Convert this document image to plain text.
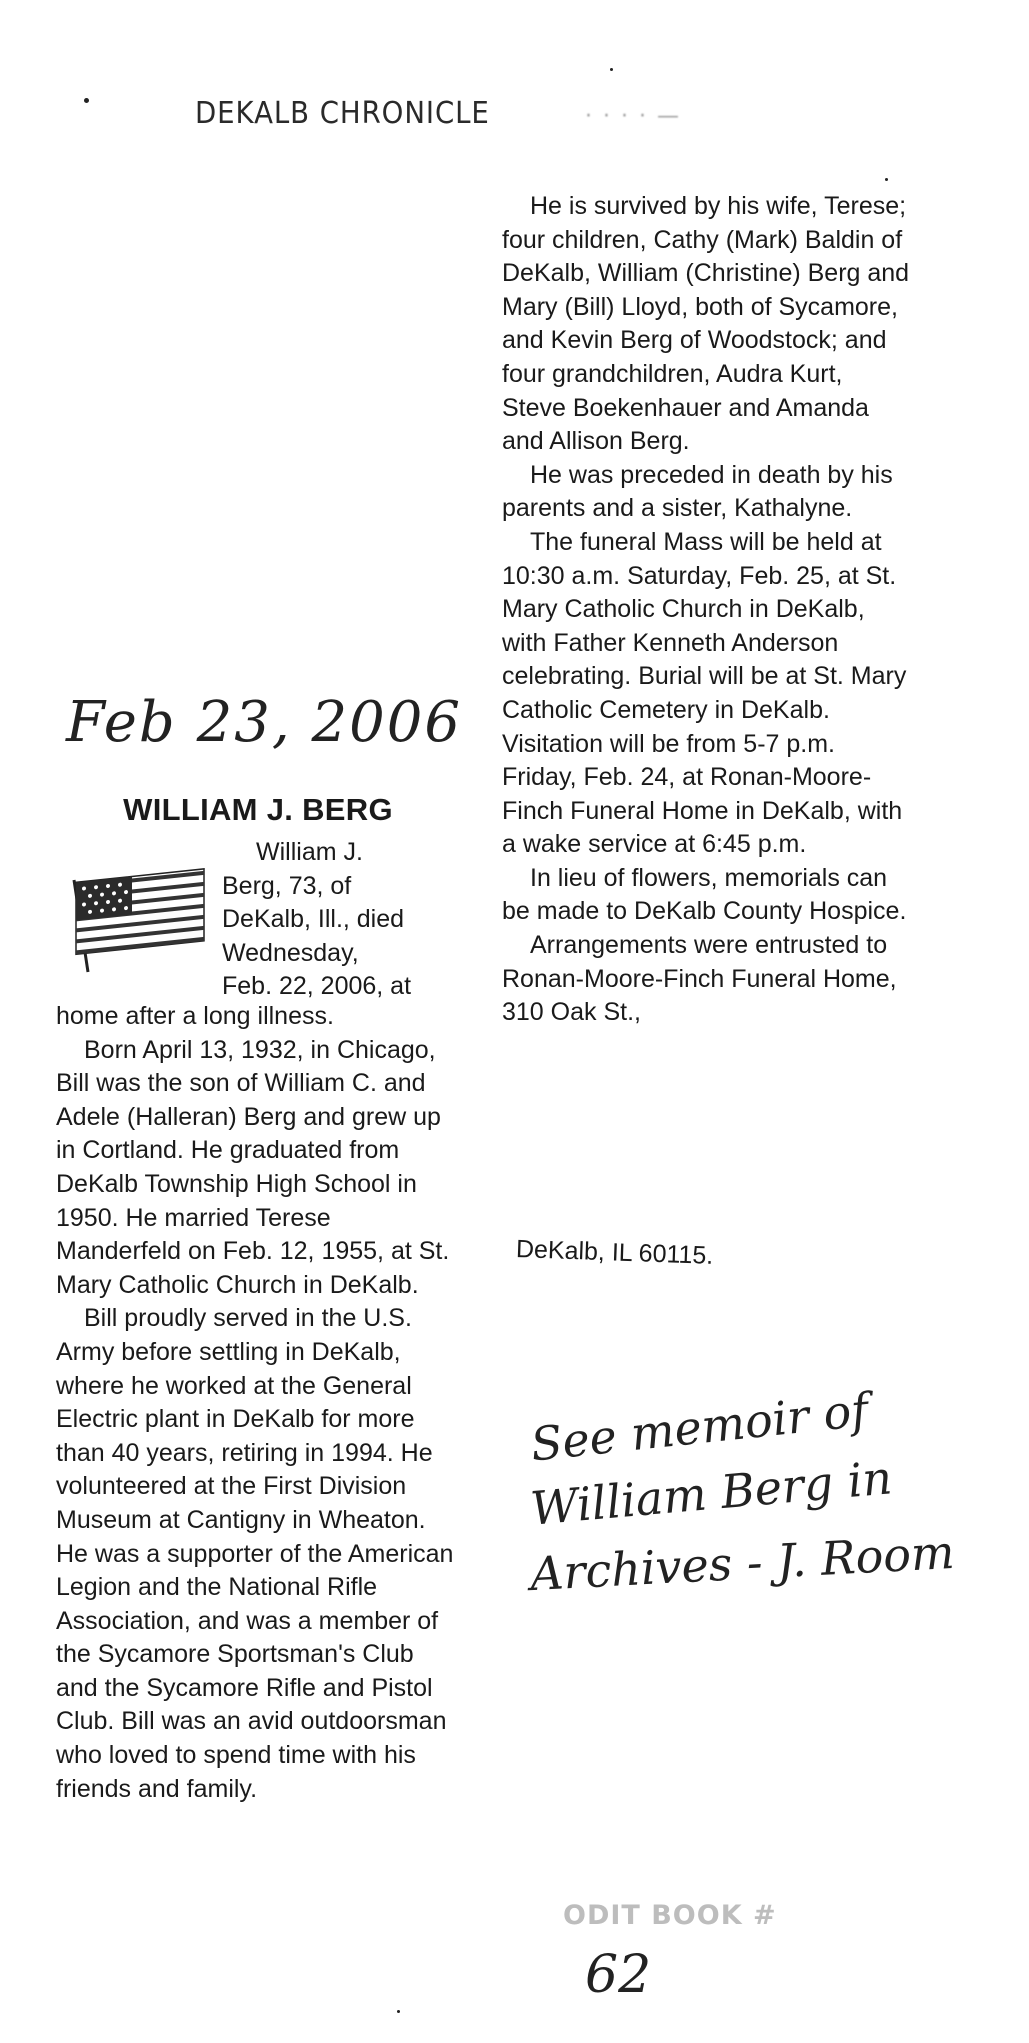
DEKALB CHRONICLE	· · · · —
Feb 23, 2006
WILLIAM J. BERG

William J.

Berg, 73, of

DeKalb, Ill., died

Wednesday,

Feb. 22, 2006, at

home after a long illness.

Born April 13, 1932, in Chicago, Bill was the son of William C. and Adele (Halleran) Berg and grew up in Cortland. He graduated from DeKalb Township High School in 1950. He married Terese Manderfeld on Feb. 12, 1955, at St. Mary Catholic Church in DeKalb.

Bill proudly served in the U.S. Army before settling in DeKalb, where he worked at the General Electric plant in DeKalb for more than 40 years, retiring in 1994. He volunteered at the First Division Museum at Cantigny in Wheaton. He was a supporter of the American Legion and the National Rifle Association, and was a member of the Sycamore Sportsman's Club and the Sycamore Rifle and Pistol Club. Bill was an avid outdoorsman who loved to spend time with his friends and family.

He is survived by his wife, Terese; four children, Cathy (Mark) Baldin of DeKalb, William (Christine) Berg and Mary (Bill) Lloyd, both of Sycamore, and Kevin Berg of Woodstock; and four grandchildren, Audra Kurt, Steve Boekenhauer and Amanda and Allison Berg.

He was preceded in death by his parents and a sister, Kathalyne.

The funeral Mass will be held at 10:30 a.m. Saturday, Feb. 25, at St. Mary Catholic Church in DeKalb, with Father Kenneth Anderson celebrating. Burial will be at St. Mary Catholic Cemetery in DeKalb. Visitation will be from 5-7 p.m. Friday, Feb. 24, at Ronan-Moore-Finch Funeral Home in DeKalb, with a wake service at 6:45 p.m.

In lieu of flowers, memorials can be made to DeKalb County Hospice.

Arrangements were entrusted to Ronan-Moore-Finch Funeral Home, 310 Oak St.,

DeKalb, IL 60115.
See memoir of
William Berg in
Archives - J. Room
ODIT BOOK #
62
